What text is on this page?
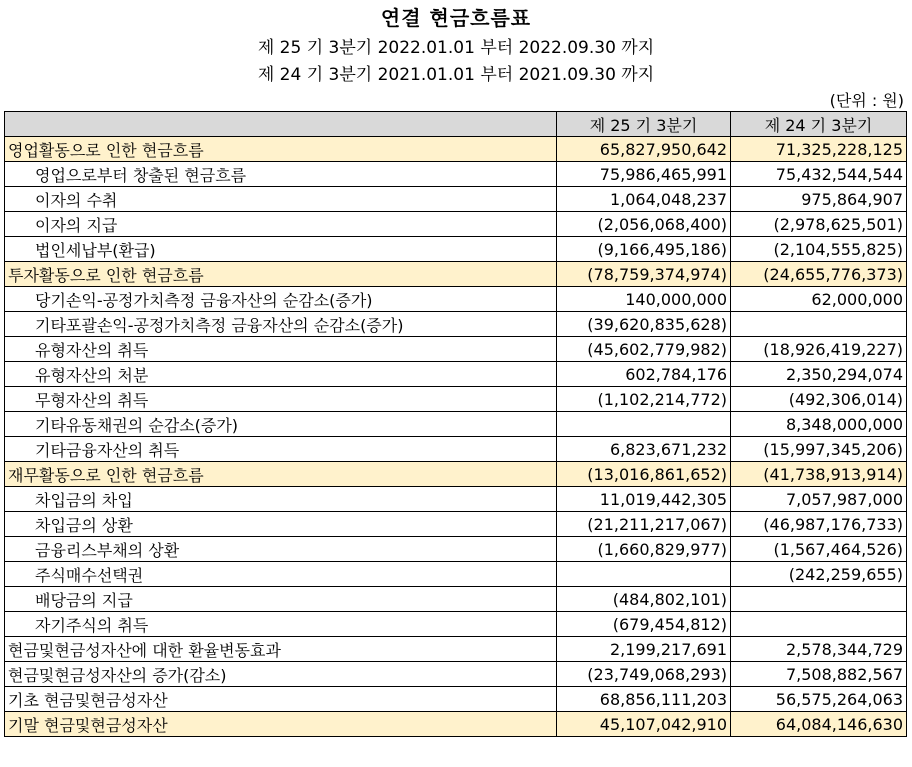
연결 현금흐름표
제 25 기 3분기 2022.01.01 부터 2022.09.30 까지
제 24 기 3분기 2021.01.01 부터 2021.09.30 까지
(단위 : 원)
	제 25 기 3분기	제 24 기 3분기
영업활동으로 인한 현금흐름	65,827,950,642	71,325,228,125
영업으로부터 창출된 현금흐름	75,986,465,991	75,432,544,544
이자의 수취	1,064,048,237	975,864,907
이자의 지급	(2,056,068,400)	(2,978,625,501)
법인세납부(환급)	(9,166,495,186)	(2,104,555,825)
투자활동으로 인한 현금흐름	(78,759,374,974)	(24,655,776,373)
당기손익-공정가치측정 금융자산의 순감소(증가)	140,000,000	62,000,000
기타포괄손익-공정가치측정 금융자산의 순감소(증가)	(39,620,835,628)	
유형자산의 취득	(45,602,779,982)	(18,926,419,227)
유형자산의 처분	602,784,176	2,350,294,074
무형자산의 취득	(1,102,214,772)	(492,306,014)
기타유동채권의 순감소(증가)		8,348,000,000
기타금융자산의 취득	6,823,671,232	(15,997,345,206)
재무활동으로 인한 현금흐름	(13,016,861,652)	(41,738,913,914)
차입금의 차입	11,019,442,305	7,057,987,000
차입금의 상환	(21,211,217,067)	(46,987,176,733)
금융리스부채의 상환	(1,660,829,977)	(1,567,464,526)
주식매수선택권		(242,259,655)
배당금의 지급	(484,802,101)	
자기주식의 취득	(679,454,812)	
현금및현금성자산에 대한 환율변동효과	2,199,217,691	2,578,344,729
현금및현금성자산의 증가(감소)	(23,749,068,293)	7,508,882,567
기초 현금및현금성자산	68,856,111,203	56,575,264,063
기말 현금및현금성자산	45,107,042,910	64,084,146,630
